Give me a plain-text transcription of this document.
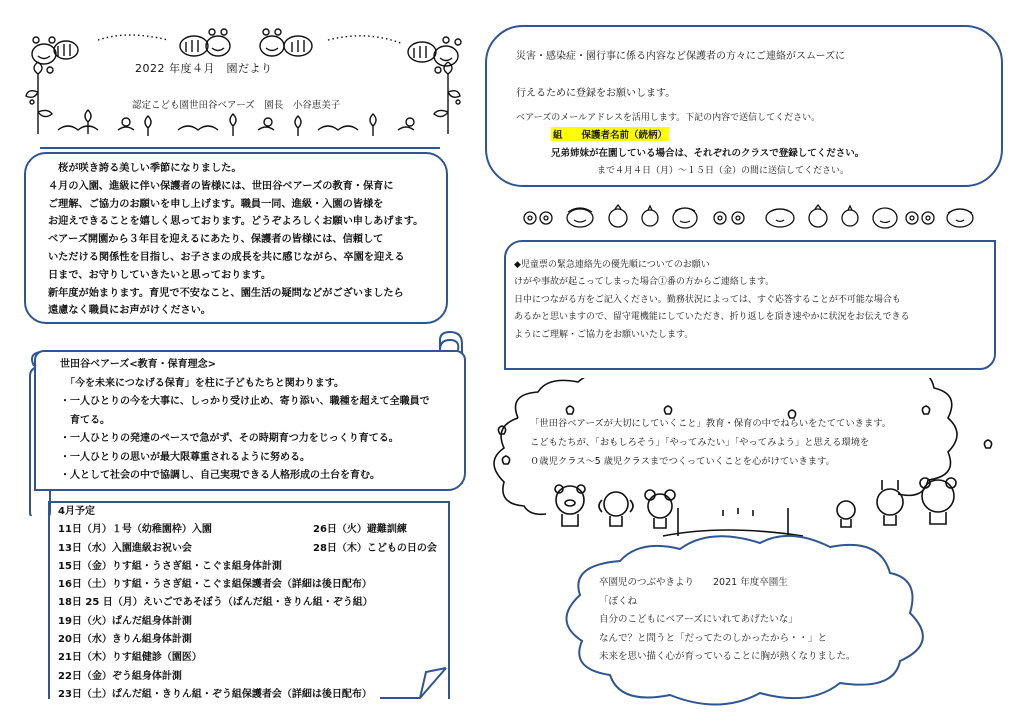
2022 年度４月　園だより
認定こども園世田谷ベアーズ　園長　小谷恵美子
　桜が咲き誇る美しい季節になりました。
４月の入園、進級に伴い保護者の皆様には、世田谷ベアーズの教育・保育に
ご理解、ご協力のお願いを申し上げます。職員一同、進級・入園の皆様を
お迎えできることを嬉しく思っております。どうぞよろしくお願い申しあげます。
ベアーズ開園から３年目を迎えるにあたり、保護者の皆様には、信頼して
いただける関係性を目指し、お子さまの成長を共に感じながら、卒園を迎える
日まで、お守りしていきたいと思っております。
新年度が始まります。育児で不安なこと、園生活の疑問などがございましたら
遠慮なく職員にお声がけください。
世田谷ベアーズ<教育・保育理念>
　「今を未来につなげる保育」を柱に子どもたちと関わります。
・一人ひとりの今を大事に、しっかり受け止め、寄り添い、職種を超えて全職員で
　育てる。
・一人ひとりの発達のペースで急がず、その時期育つ力をじっくり育てる。
・一人ひとりの思いが最大限尊重されるように努める。
・人として社会の中で協調し、自己実現できる人格形成の土台を育む。
4月予定
11日（月）１号（幼稚園枠）入園	26日（火）避難訓練
13日（水）入園進級お祝い会	28日（木）こどもの日の会
15日（金）りす組・うさぎ組・こぐま組身体計測
16日（土）りす組・うさぎ組・こぐま組保護者会（詳細は後日配布）
18日 25 日（月）えいごであそぼう（ぱんだ組・きりん組・ぞう組）
19日（火）ぱんだ組身体計測
20日（水）きりん組身体計測
21日（木）りす組健診（園医）
22日（金）ぞう組身体計測
23日（土）ぱんだ組・きりん組・ぞう組保護者会（詳細は後日配布）
災害・感染症・園行事に係る内容など保護者の方々にご連絡がスムーズに
行えるために登録をお願いします。
ベアーズのメールアドレスを活用します。下記の内容で送信してください。
組　　保護者名前（続柄）
兄弟姉妹が在園している場合は、それぞれのクラスで登録してください。
まで４月４日（月）～１５日（金）の間に送信してください。
◆児童票の緊急連絡先の優先順についてのお願い
けがや事故が起こってしまった場合①番の方からご連絡します。
日中につながる方をご記入ください。勤務状況によっては、すぐ応答することが不可能な場合も
あるかと思いますので、留守電機能にしていただき、折り返しを頂き速やかに状況をお伝えできる
ようにご理解・ご協力をお願いいたします。
「世田谷ベアーズが大切にしていくこと」教育・保育の中でねらいをたてていきます。
こどもたちが、「おもしろそう」「やってみたい」「やってみよう」と思える環境を
０歳児クラス～5 歳児クラスまでつくっていくことを心がけていきます。
卒園児のつぶやきより　　2021 年度卒園生
「ぼくね
自分のこどもにベアーズにいれてあげたいな」
なんで？と問うと「だってたのしかったから・・」と
未来を思い描く心が育っていることに胸が熱くなりました。
